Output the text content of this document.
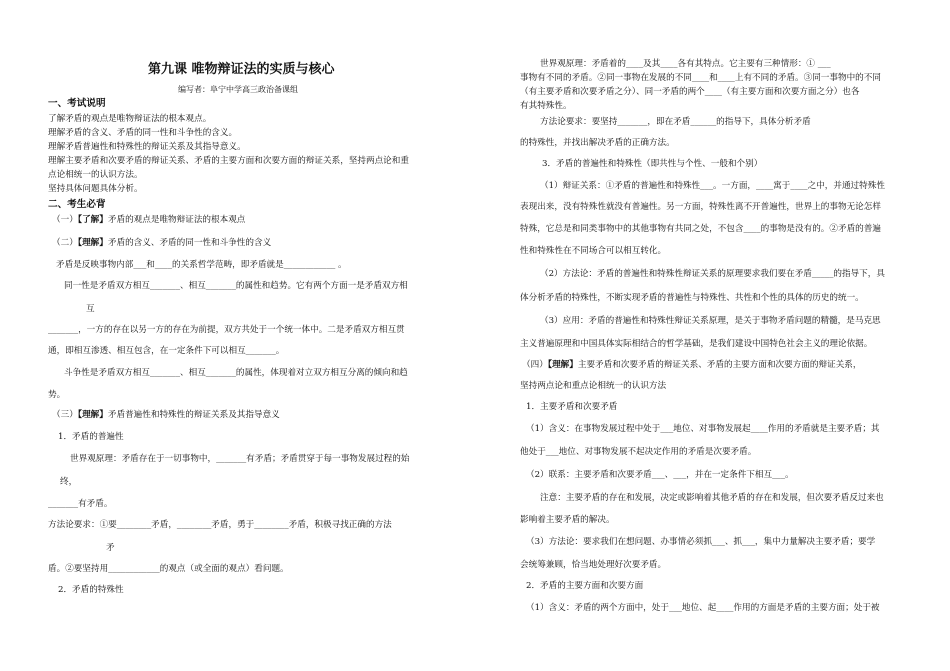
第九课 唯物辩证法的实质与核心
编写者：阜宁中学高三政治备课组
一、考试说明
了解矛盾的观点是唯物辩证法的根本观点。
理解矛盾的含义、矛盾的同一性和斗争性的含义。
理解矛盾普遍性和特殊性的辩证关系及其指导意义。
理解主要矛盾和次要矛盾的辩证关系、矛盾的主要方面和次要方面的辩证关系，坚持两点论和重
点论相统一的认识方法。
坚持具体问题具体分析。
二、考生必背
（一）【了解】矛盾的观点是唯物辩证法的根本观点
（二）【理解】矛盾的含义、矛盾的同一性和斗争性的含义
矛盾是反映事物内部___和____的关系哲学范畴，即矛盾就是____________ 。
同一性是矛盾双方相互_______、相互_______的属性和趋势。它有两个方面一是矛盾双方相
互
_______，一方的存在以另一方的存在为前提，双方共处于一个统一体中。二是矛盾双方相互贯
通，即相互渗透、相互包含，在一定条件下可以相互_______。
斗争性是矛盾双方相互_______、相互_______的属性，体现着对立双方相互分离的倾向和趋
势。
（三）【理解】矛盾普遍性和特殊性的辩证关系及其指导意义
1．矛盾的普遍性
世界观原理：矛盾存在于一切事物中，_______有矛盾；矛盾贯穿于每一事物发展过程的始
终，
_______有矛盾。
方法论要求：①要________矛盾，________矛盾，勇于________矛盾，积极寻找正确的方法
矛
盾。②要坚持用____________的观点（或全面的观点）看问题。
2．矛盾的特殊性
世界观原理：矛盾着的____及其____各有其特点。它主要有三种情形：① ___
事物有不同的矛盾。②同一事物在发展的不同____和____上有不同的矛盾。③同一事物中的不同
（有主要矛盾和次要矛盾之分）、同一矛盾的两个____（有主要方面和次要方面之分）也各
有其特殊性。
方法论要求：要坚持_______，即在矛盾______的指导下，具体分析矛盾
的特殊性，并找出解决矛盾的正确方法。
3．矛盾的普遍性和特殊性（即共性与个性、一般和个别）
（1）辩证关系：①矛盾的普遍性和特殊性___。一方面，____寓于____之中，并通过特殊性
表现出来，没有特殊性就没有普遍性。另一方面，特殊性离不开普遍性，世界上的事物无论怎样
特殊，它总是和同类事物中的其他事物有共同之处，不包含____的事物是没有的。②矛盾的普遍
性和特殊性在不同场合可以相互转化。
（2）方法论：矛盾的普遍性和特殊性辩证关系的原理要求我们要在矛盾_____的指导下，具
体分析矛盾的特殊性，不断实现矛盾的普遍性与特殊性、共性和个性的具体的历史的统一。
（3）应用：矛盾的普遍性和特殊性辩证关系原理，是关于事物矛盾问题的精髓，是马克思
主义普遍原理和中国具体实际相结合的哲学基础，是我们建设中国特色社会主义的理论依据。
（四）【理解】主要矛盾和次要矛盾的辩证关系、矛盾的主要方面和次要方面的辩证关系，
坚持两点论和重点论相统一的认识方法
1．主要矛盾和次要矛盾
（1）含义：在事物发展过程中处于___地位、对事物发展起____作用的矛盾就是主要矛盾；其
他处于___地位、对事物发展不起决定作用的矛盾是次要矛盾。
（2）联系：主要矛盾和次要矛盾___、___，并在一定条件下相互___。
注意：主要矛盾的存在和发展，决定或影响着其他矛盾的存在和发展，但次要矛盾反过来也
影响着主要矛盾的解决。
（3）方法论：要求我们在想问题、办事情必须抓___、抓___，集中力量解决主要矛盾；要学
会统筹兼顾，恰当地处理好次要矛盾。
2．矛盾的主要方面和次要方面
（1）含义：矛盾的两个方面中，处于___地位、起____作用的方面是矛盾的主要方面；处于被
